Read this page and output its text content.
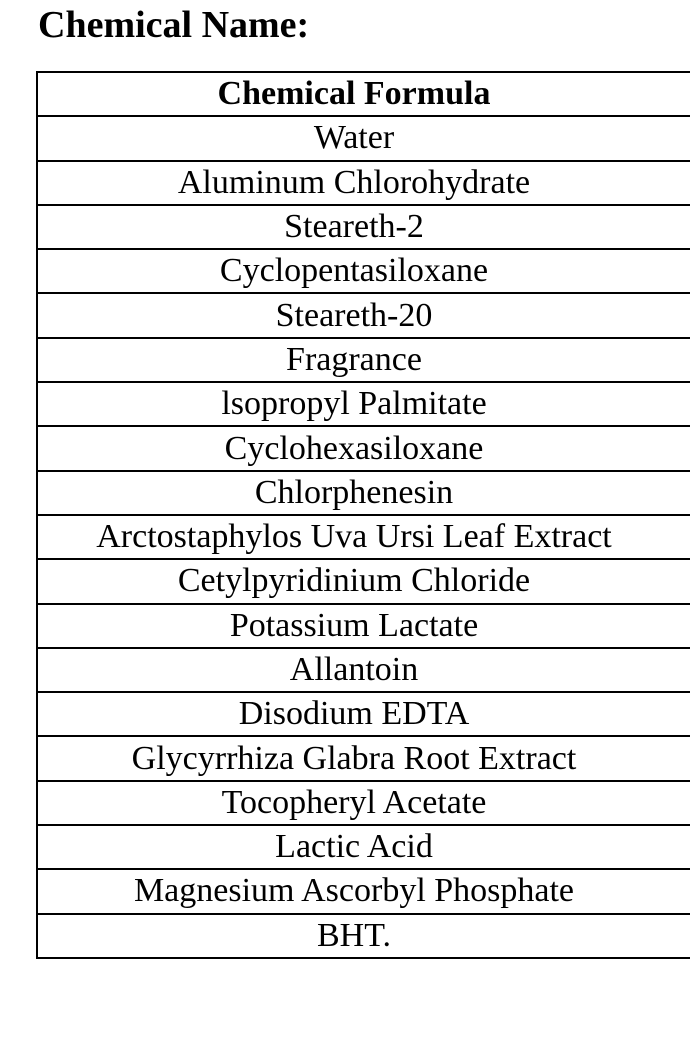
Chemical Name:
Chemical Formula
Water
Aluminum Chlorohydrate
Steareth-2
Cyclopentasiloxane
Steareth-20
Fragrance
lsopropyl Palmitate
Cyclohexasiloxane
Chlorphenesin
Arctostaphylos Uva Ursi Leaf Extract
Cetylpyridinium Chloride
Potassium Lactate
Allantoin
Disodium EDTA
Glycyrrhiza Glabra Root Extract
Tocopheryl Acetate
Lactic Acid
Magnesium Ascorbyl Phosphate
BHT.
